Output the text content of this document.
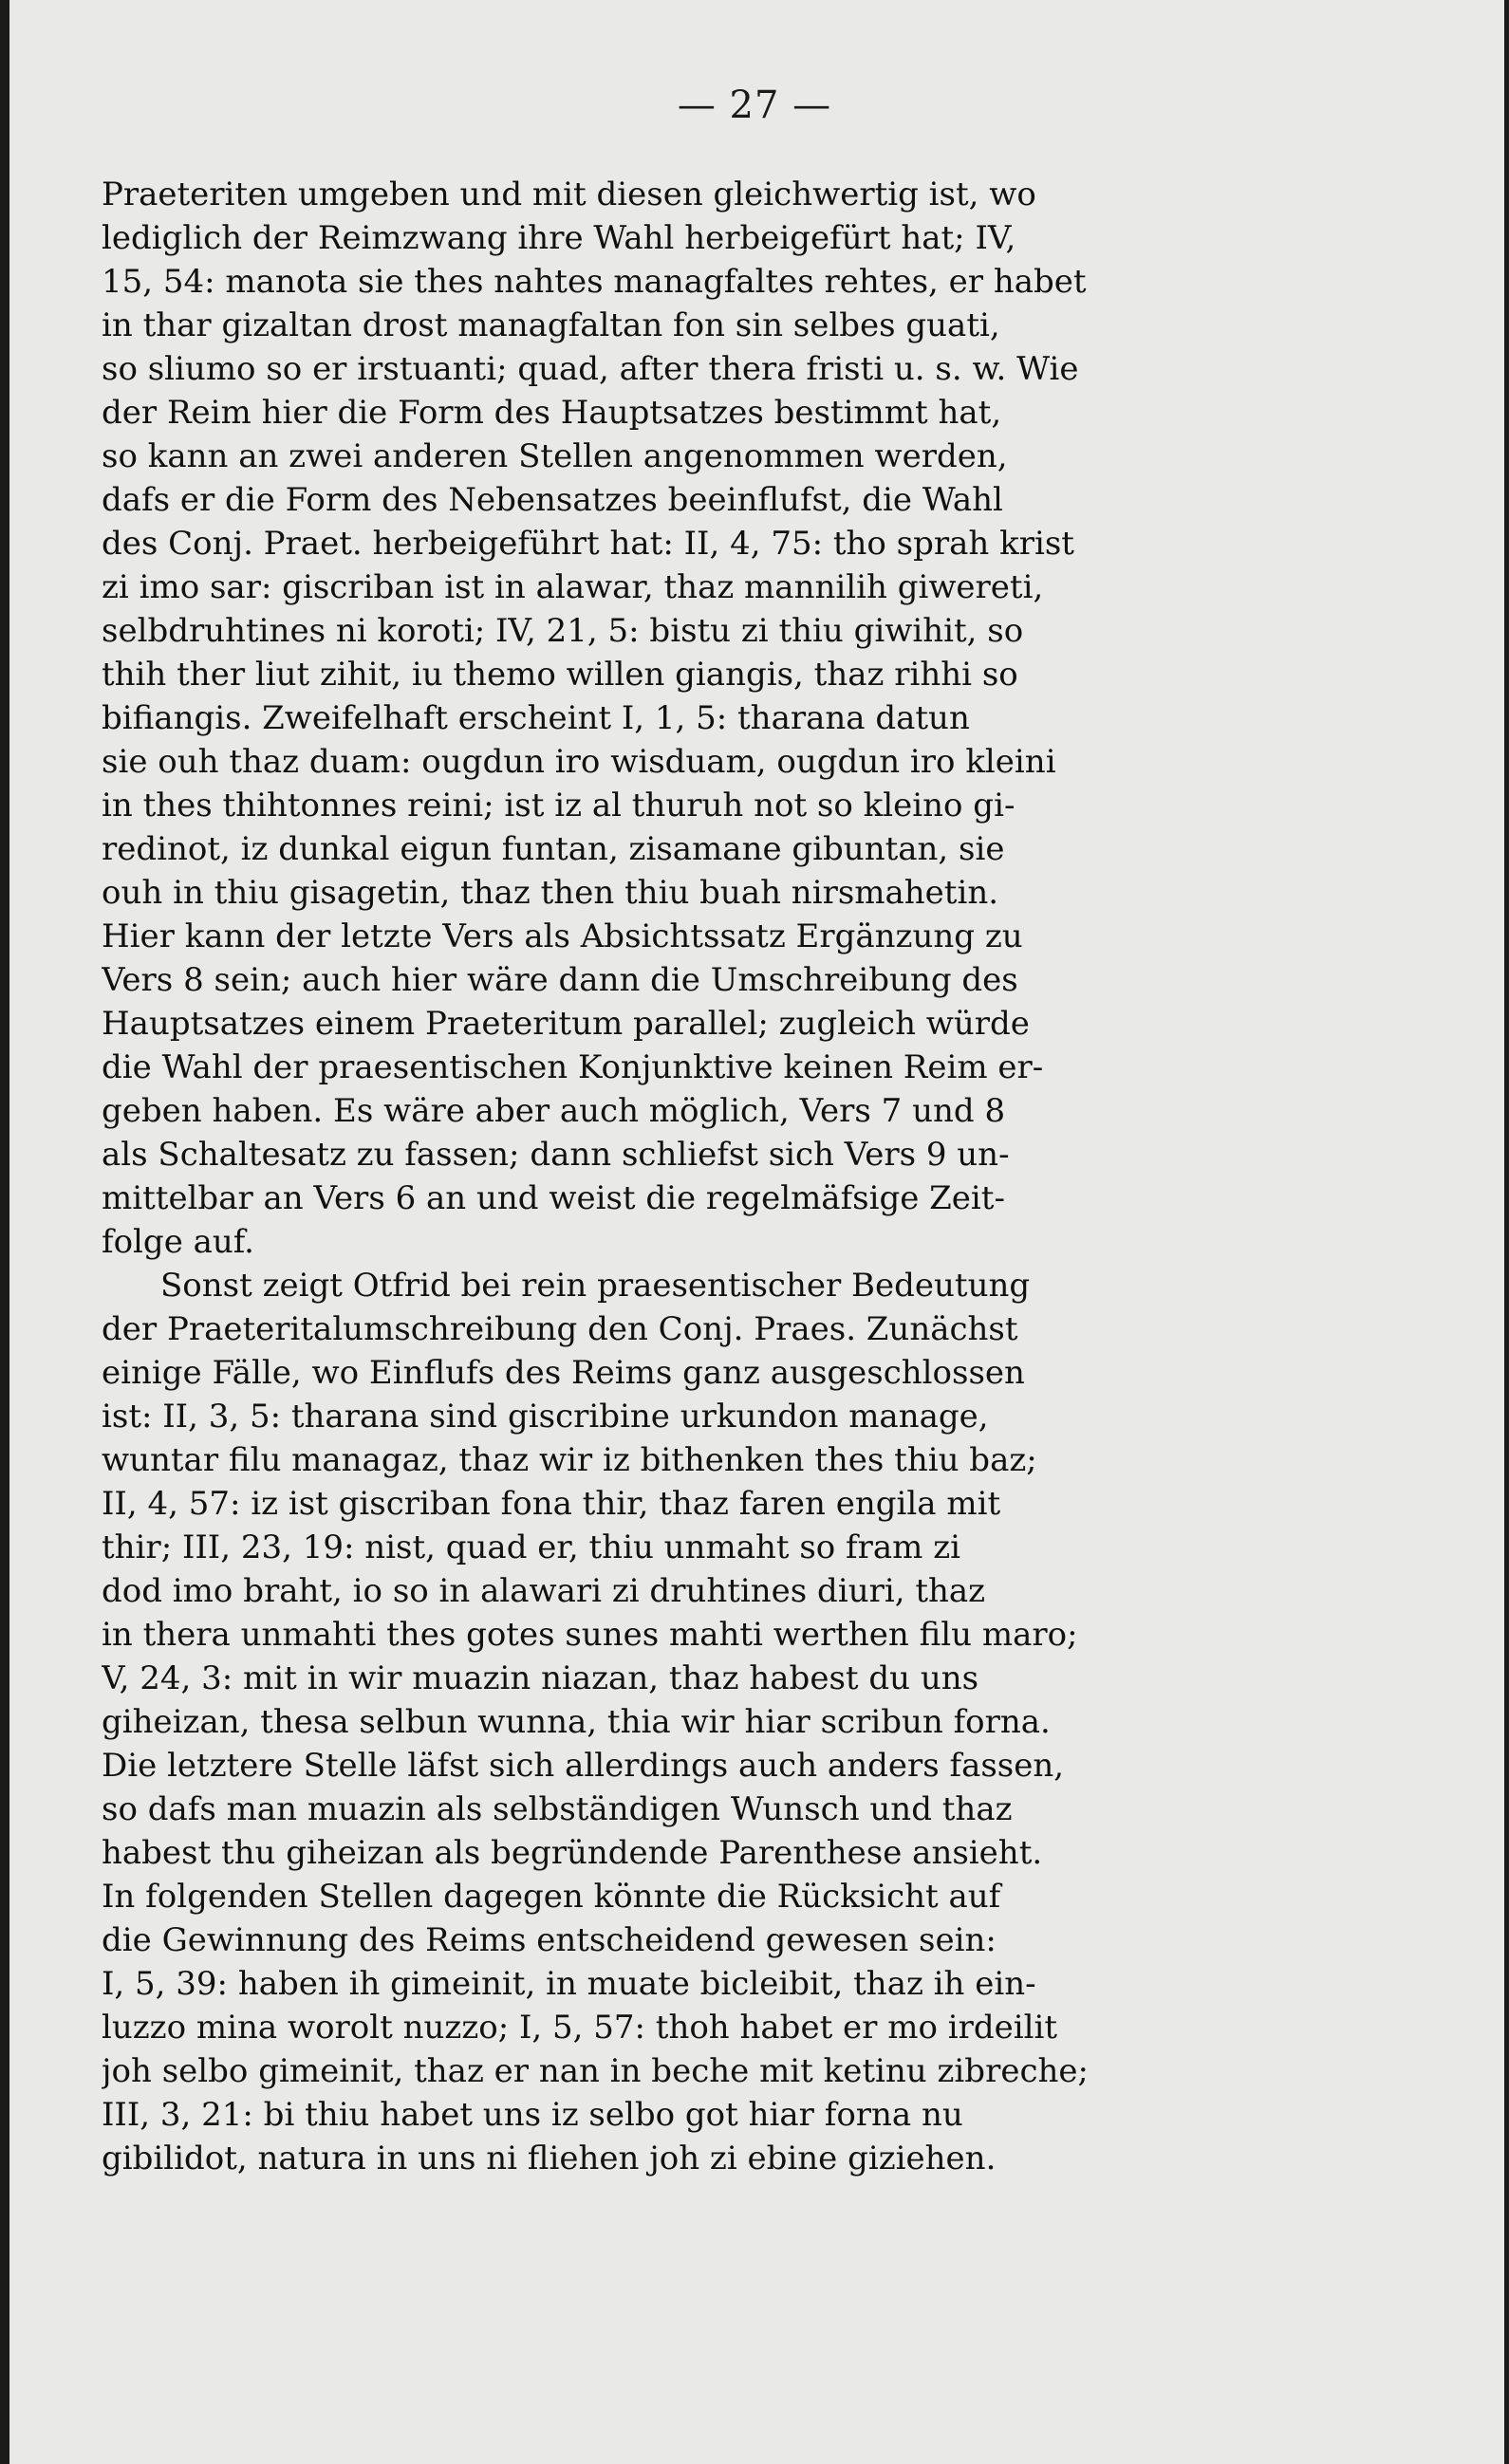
— 27 —
Praeteriten umgeben und mit diesen gleichwertig ist, wo
lediglich der Reimzwang ihre Wahl herbeigefürt hat; IV,
15, 54: manota sie thes nahtes managfaltes rehtes, er habet
in thar gizaltan drost managfaltan fon sin selbes guati,
so sliumo so er irstuanti; quad, after thera fristi u. s. w. Wie
der Reim hier die Form des Hauptsatzes bestimmt hat,
so kann an zwei anderen Stellen angenommen werden,
dafs er die Form des Nebensatzes beeinflufst, die Wahl
des Conj. Praet. herbeigeführt hat: II, 4, 75: tho sprah krist
zi imo sar: giscriban ist in alawar, thaz mannilih giwereti,
selbdruhtines ni koroti; IV, 21, 5: bistu zi thiu giwihit, so
thih ther liut zihit, iu themo willen giangis, thaz rihhi so
bifiangis. Zweifelhaft erscheint I, 1, 5: tharana datun
sie ouh thaz duam: ougdun iro wisduam, ougdun iro kleini
in thes thihtonnes reini; ist iz al thuruh not so kleino gi-
redinot, iz dunkal eigun funtan, zisamane gibuntan, sie
ouh in thiu gisagetin, thaz then thiu buah nirsmahetin.
Hier kann der letzte Vers als Absichtssatz Ergänzung zu
Vers 8 sein; auch hier wäre dann die Umschreibung des
Hauptsatzes einem Praeteritum parallel; zugleich würde
die Wahl der praesentischen Konjunktive keinen Reim er-
geben haben. Es wäre aber auch möglich, Vers 7 und 8
als Schaltesatz zu fassen; dann schliefst sich Vers 9 un-
mittelbar an Vers 6 an und weist die regelmäfsige Zeit-
folge auf.
Sonst zeigt Otfrid bei rein praesentischer Bedeutung
der Praeteritalumschreibung den Conj. Praes. Zunächst
einige Fälle, wo Einflufs des Reims ganz ausgeschlossen
ist: II, 3, 5: tharana sind giscribine urkundon manage,
wuntar filu managaz, thaz wir iz bithenken thes thiu baz;
II, 4, 57: iz ist giscriban fona thir, thaz faren engila mit
thir; III, 23, 19: nist, quad er, thiu unmaht so fram zi
dod imo braht, io so in alawari zi druhtines diuri, thaz
in thera unmahti thes gotes sunes mahti werthen filu maro;
V, 24, 3: mit in wir muazin niazan, thaz habest du uns
giheizan, thesa selbun wunna, thia wir hiar scribun forna.
Die letztere Stelle läfst sich allerdings auch anders fassen,
so dafs man muazin als selbständigen Wunsch und thaz
habest thu giheizan als begründende Parenthese ansieht.
In folgenden Stellen dagegen könnte die Rücksicht auf
die Gewinnung des Reims entscheidend gewesen sein:
I, 5, 39: haben ih gimeinit, in muate bicleibit, thaz ih ein-
luzzo mina worolt nuzzo; I, 5, 57: thoh habet er mo irdeilit
joh selbo gimeinit, thaz er nan in beche mit ketinu zibreche;
III, 3, 21: bi thiu habet uns iz selbo got hiar forna nu
gibilidot, natura in uns ni fliehen joh zi ebine giziehen.
